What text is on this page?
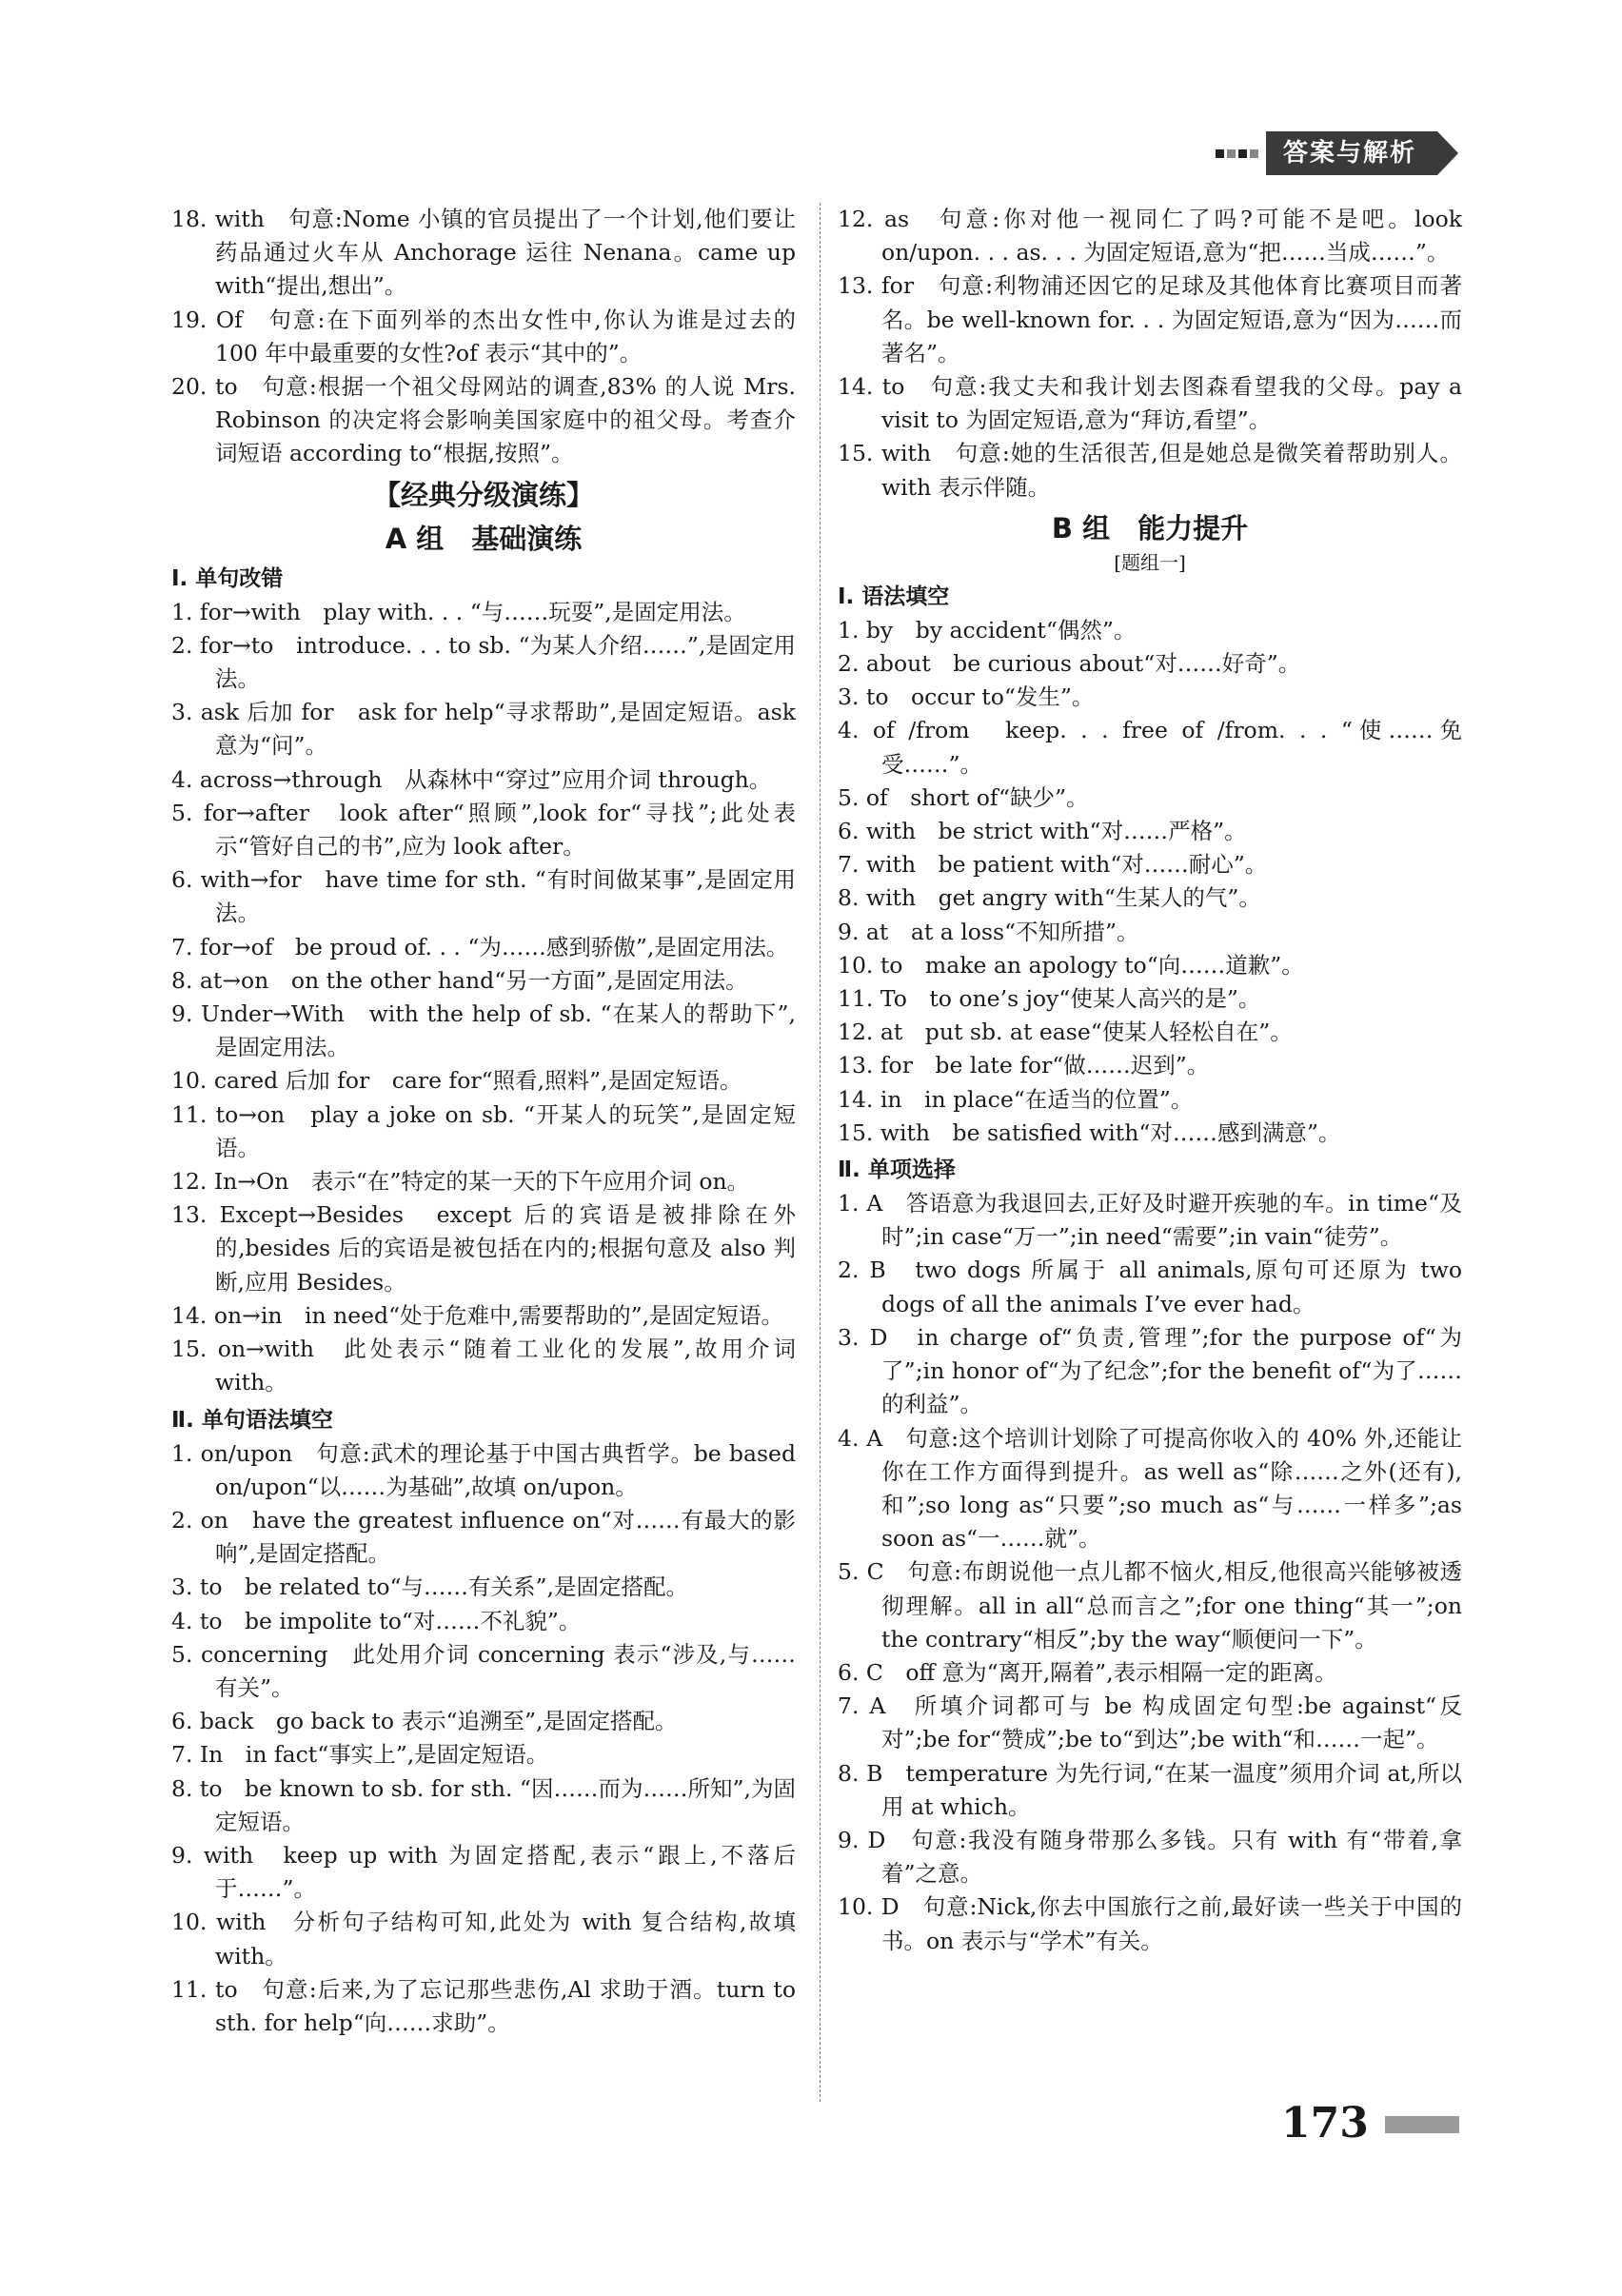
答案与解析

18. with　句意:Nome 小镇的官员提出了一个计划,他们要让药品通过火车从 Anchorage 运往 Nenana。came up with“提出,想出”。

19. Of　句意:在下面列举的杰出女性中,你认为谁是过去的 100 年中最重要的女性?of 表示“其中的”。

20. to　句意:根据一个祖父母网站的调查,83% 的人说 Mrs. Robinson 的决定将会影响美国家庭中的祖父母。考查介词短语 according to“根据,按照”。

【经典分级演练】

A 组　基础演练

Ⅰ. 单句改错

1. for→with　play with. . . “与……玩耍”,是固定用法。

2. for→to　introduce. . . to sb. “为某人介绍……”,是固定用法。

3. ask 后加 for　ask for help“寻求帮助”,是固定短语。ask 意为“问”。

4. across→through　从森林中“穿过”应用介词 through。

5. for→after　look after“照顾”,look for“寻找”;此处表示“管好自己的书”,应为 look after。

6. with→for　have time for sth. “有时间做某事”,是固定用法。

7. for→of　be proud of. . . “为……感到骄傲”,是固定用法。

8. at→on　on the other hand“另一方面”,是固定用法。

9. Under→With　with the help of sb. “在某人的帮助下”,是固定用法。

10. cared 后加 for　care for“照看,照料”,是固定短语。

11. to→on　play a joke on sb. “开某人的玩笑”,是固定短语。

12. In→On　表示“在”特定的某一天的下午应用介词 on。

13. Except→Besides　except 后的宾语是被排除在外的,besides 后的宾语是被包括在内的;根据句意及 also 判断,应用 Besides。

14. on→in　in need“处于危难中,需要帮助的”,是固定短语。

15. on→with　此处表示“随着工业化的发展”,故用介词 with。

Ⅱ. 单句语法填空

1. on/upon　句意:武术的理论基于中国古典哲学。be based on/upon“以……为基础”,故填 on/upon。

2. on　have the greatest influence on“对……有最大的影响”,是固定搭配。

3. to　be related to“与……有关系”,是固定搭配。

4. to　be impolite to“对……不礼貌”。

5. concerning　此处用介词 concerning 表示“涉及,与……有关”。

6. back　go back to 表示“追溯至”,是固定搭配。

7. In　in fact“事实上”,是固定短语。

8. to　be known to sb. for sth. “因……而为……所知”,为固定短语。

9. with　keep up with 为固定搭配,表示“跟上,不落后于……”。

10. with　分析句子结构可知,此处为 with 复合结构,故填 with。

11. to　句意:后来,为了忘记那些悲伤,Al 求助于酒。turn to sth. for help“向……求助”。

12. as　句意:你对他一视同仁了吗?可能不是吧。look on/upon. . . as. . . 为固定短语,意为“把……当成……”。

13. for　句意:利物浦还因它的足球及其他体育比赛项目而著名。be well-known for. . . 为固定短语,意为“因为……而著名”。

14. to　句意:我丈夫和我计划去图森看望我的父母。pay a visit to 为固定短语,意为“拜访,看望”。

15. with　句意:她的生活很苦,但是她总是微笑着帮助别人。with 表示伴随。

B 组　能力提升

[题组一]

Ⅰ. 语法填空

1. by　by accident“偶然”。

2. about　be curious about“对……好奇”。

3. to　occur to“发生”。

4. of /from　keep. . . free of /from. . . “使……免受……”。

5. of　short of“缺少”。

6. with　be strict with“对……严格”。

7. with　be patient with“对……耐心”。

8. with　get angry with“生某人的气”。

9. at　at a loss“不知所措”。

10. to　make an apology to“向……道歉”。

11. To　to one’s joy“使某人高兴的是”。

12. at　put sb. at ease“使某人轻松自在”。

13. for　be late for“做……迟到”。

14. in　in place“在适当的位置”。

15. with　be satisfied with“对……感到满意”。

Ⅱ. 单项选择

1. A　答语意为我退回去,正好及时避开疾驰的车。in time“及时”;in case“万一”;in need“需要”;in vain“徒劳”。

2. B　two dogs 所属于 all animals,原句可还原为 two dogs of all the animals I’ve ever had。

3. D　in charge of“负责,管理”;for the purpose of“为了”;in honor of“为了纪念”;for the benefit of“为了……的利益”。

4. A　句意:这个培训计划除了可提高你收入的 40% 外,还能让你在工作方面得到提升。as well as“除……之外(还有),和”;so long as“只要”;so much as“与……一样多”;as soon as“一……就”。

5. C　句意:布朗说他一点儿都不恼火,相反,他很高兴能够被透彻理解。all in all“总而言之”;for one thing“其一”;on the contrary“相反”;by the way“顺便问一下”。

6. C　off 意为“离开,隔着”,表示相隔一定的距离。

7. A　所填介词都可与 be 构成固定句型:be against“反对”;be for“赞成”;be to“到达”;be with“和……一起”。

8. B　temperature 为先行词,“在某一温度”须用介词 at,所以用 at which。

9. D　句意:我没有随身带那么多钱。只有 with 有“带着,拿着”之意。

10. D　句意:Nick,你去中国旅行之前,最好读一些关于中国的书。on 表示与“学术”有关。

173
